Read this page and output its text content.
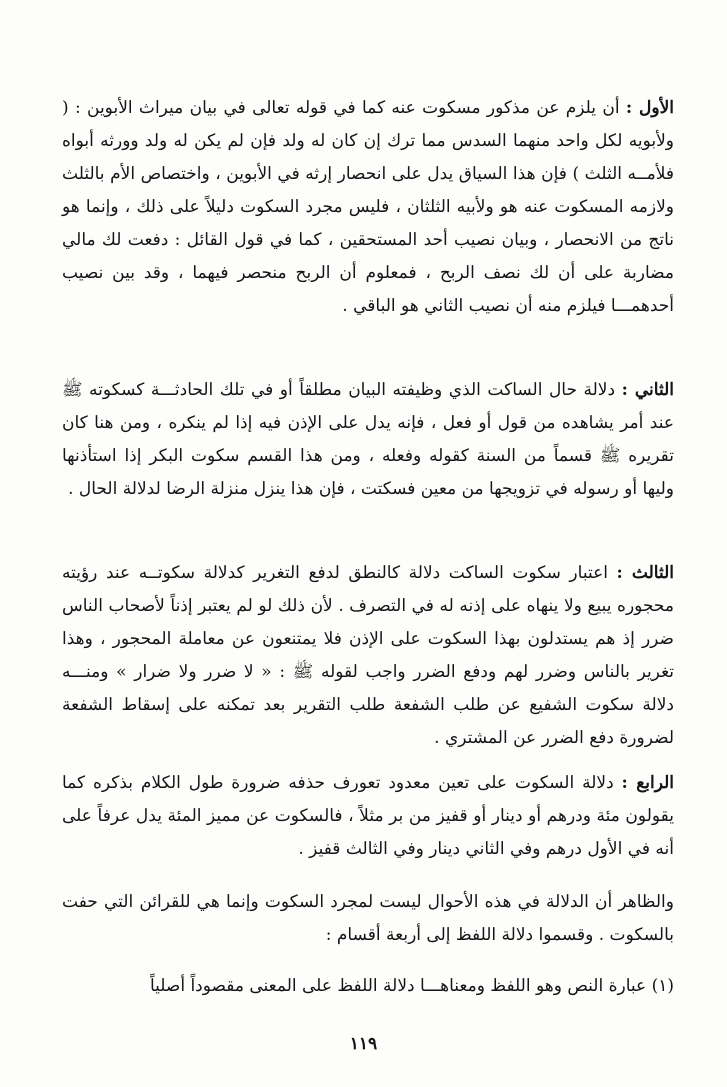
الأول : أن يلزم عن مذكور مسكوت عنه كما في قوله تعالى في بيان ميراث الأبوين : ( ولأبويه لكل واحد منهما السدس مما ترك إن كان له ولد فإن لم يكن له ولد وورثه أبواه فلأمــه الثلث ) فإن هذا السياق يدل على انحصار إرثه في الأبوين ، واختصاص الأم بالثلث ولازمه المسكوت عنه هو ولأبيه الثلثان ، فليس مجرد السكوت دليلاً على ذلك ، وإنما هو ناتج من الانحصار ، وبيان نصيب أحد المستحقين ، كما في قول القائل : دفعت لك مالي مضاربة على أن لك نصف الربح ، فمعلوم أن الربح منحصر فيهما ، وقد بين نصيب أحدهمـــا فيلزم منه أن نصيب الثاني هو الباقي .

الثاني : دلالة حال الساكت الذي وظيفته البيان مطلقاً أو في تلك الحادثـــة كسكوته ﷺ عند أمر يشاهده من قول أو فعل ، فإنه يدل على الإذن فيه إذا لم ينكره ، ومن هنا كان تقريره ﷺ قسماً من السنة كقوله وفعله ، ومن هذا القسم سكوت البكر إذا استأذنها وليها أو رسوله في تزويجها من معين فسكتت ، فإن هذا ينزل منزلة الرضا لدلالة الحال .

الثالث : اعتبار سكوت الساكت دلالة كالنطق لدفع التغرير كدلالة سكوتــه عند رؤيته محجوره يبيع ولا ينهاه على إذنه له في التصرف . لأن ذلك لو لم يعتبر إذناً لأصحاب الناس ضرر إذ هم يستدلون بهذا السكوت على الإذن فلا يمتنعون عن معاملة المحجور ، وهذا تغرير بالناس وضرر لهم ودفع الضرر واجب لقوله ﷺ : « لا ضرر ولا ضرار » ومنـــه دلالة سكوت الشفيع عن طلب الشفعة طلب التقرير بعد تمكنه على إسقاط الشفعة لضرورة دفع الضرر عن المشتري .

الرابع : دلالة السكوت على تعين معدود تعورف حذفه ضرورة طول الكلام بذكره كما يقولون مئة ودرهم أو دينار أو قفيز من بر مثلاً ، فالسكوت عن مميز المئة يدل عرفاً على أنه في الأول درهم وفي الثاني دينار وفي الثالث قفيز .

والظاهر أن الدلالة في هذه الأحوال ليست لمجرد السكوت وإنما هي للقرائن التي حفت بالسكوت . وقسموا دلالة اللفظ إلى أربعة أقسام :

(١) عبارة النص وهو اللفظ ومعناهـــا دلالة اللفظ على المعنى مقصوداً أصلياً

١١٩
